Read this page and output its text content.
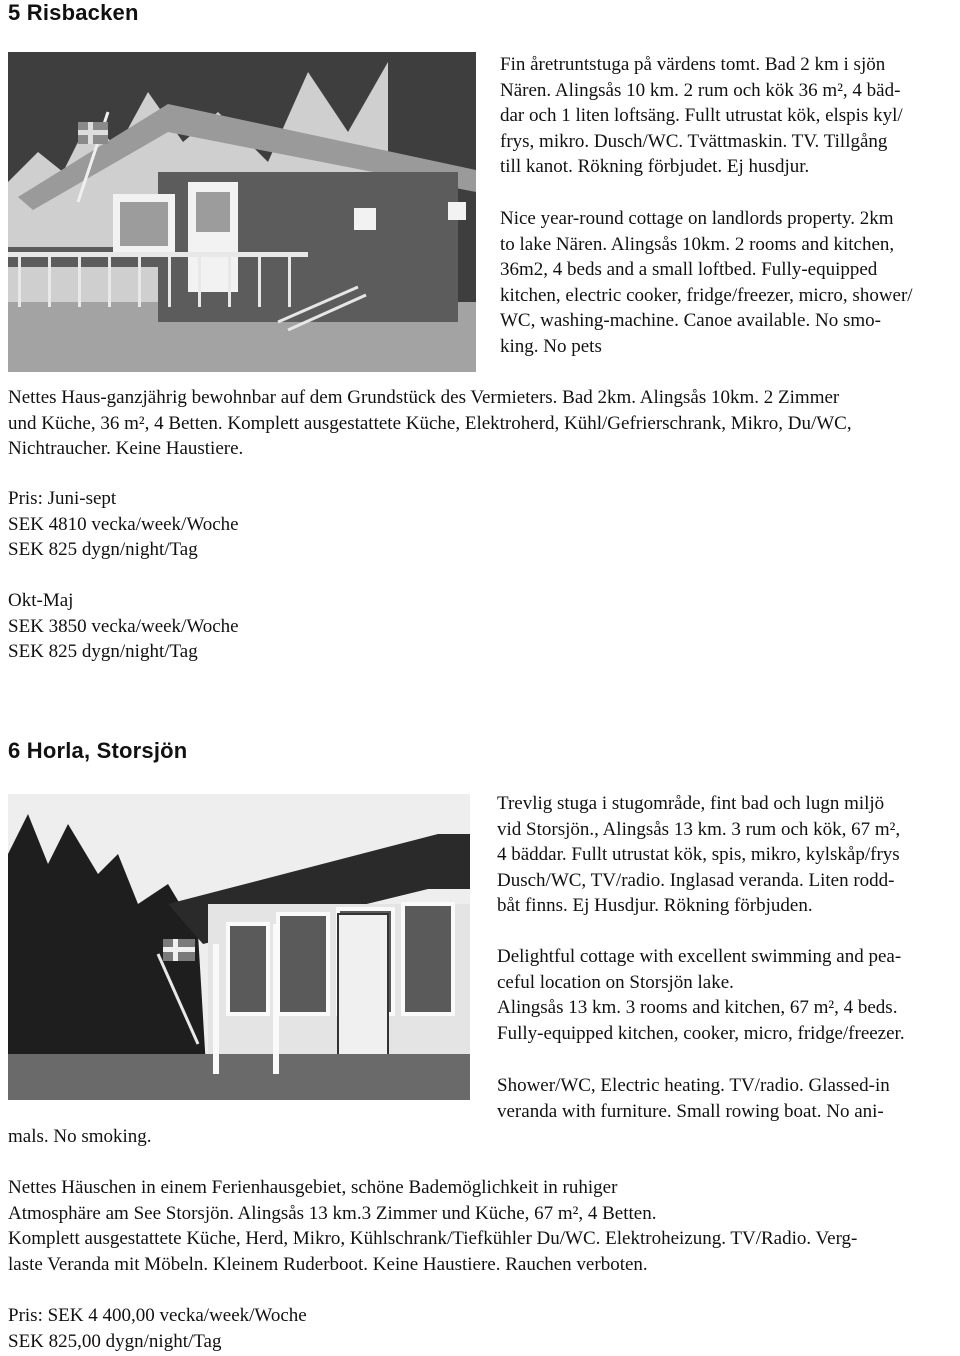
5 Risbacken

Fin åretruntstuga på värdens tomt. Bad 2 km i sjön
Nären. Alingsås 10 km. 2 rum och kök 36 m², 4 bäd-
dar och 1 liten loftsäng. Fullt utrustat kök, elspis kyl/
frys, mikro. Dusch/WC. Tvättmaskin. TV. Tillgång
till kanot. Rökning förbjudet. Ej husdjur.

Nice year-round cottage on landlords property. 2km
to lake Nären. Alingsås 10km. 2 rooms and kitchen,
36m2, 4 beds and a small loftbed. Fully-equipped
kitchen, electric cooker, fridge/freezer, micro, shower/
WC, washing-machine. Canoe available. No smo-
king. No pets

Nettes Haus-ganzjährig bewohnbar auf dem Grundstück des Vermieters. Bad 2km. Alingsås 10km. 2 Zimmer
und Küche, 36 m², 4 Betten. Komplett ausgestattete Küche, Elektroherd, Kühl/Gefrierschrank, Mikro, Du/WC,
Nichtraucher. Keine Haustiere.

Pris: Juni-sept
SEK 4810 vecka/week/Woche
SEK 825 dygn/night/Tag

Okt-Maj
SEK 3850 vecka/week/Woche
SEK 825 dygn/night/Tag

6 Horla, Storsjön

Trevlig stuga i stugområde, fint bad och lugn miljö
vid Storsjön., Alingsås 13 km. 3 rum och kök, 67 m²,
4 bäddar. Fullt utrustat kök, spis, mikro, kylskåp/frys
Dusch/WC, TV/radio. Inglasad veranda. Liten rodd-
båt finns. Ej Husdjur. Rökning förbjuden.

Delightful cottage with excellent swimming and pea-
ceful location on Storsjön lake.
Alingsås 13 km. 3 rooms and kitchen, 67 m², 4 beds.
Fully-equipped kitchen, cooker, micro, fridge/freezer.

Shower/WC, Electric heating. TV/radio. Glassed-in
veranda with furniture. Small rowing boat. No ani-

mals. No smoking.

Nettes Häuschen in einem Ferienhausgebiet, schöne Bademöglichkeit in ruhiger
Atmosphäre am See Storsjön. Alingsås 13 km.3 Zimmer und Küche, 67 m², 4 Betten.
Komplett ausgestattete Küche, Herd, Mikro, Kühlschrank/Tiefkühler Du/WC. Elektroheizung. TV/Radio. Verg-
laste Veranda mit Möbeln. Kleinem Ruderboot. Keine Haustiere. Rauchen verboten.

Pris: SEK 4 400,00 vecka/week/Woche
SEK 825,00 dygn/night/Tag
